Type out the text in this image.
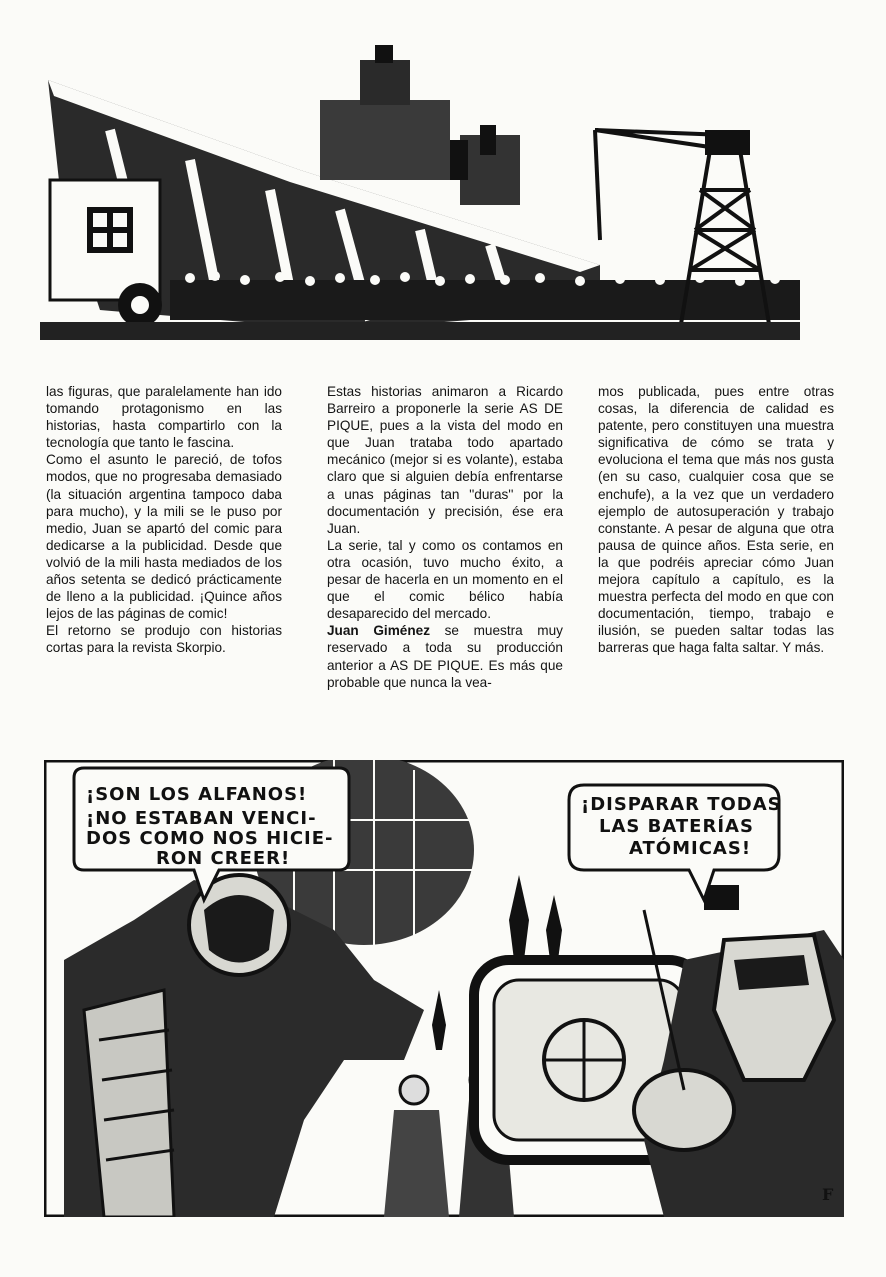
las figuras, que paralelamente han ido tomando protagonismo en las historias, hasta compartirlo con la tecnología que tanto le fascina.

Como el asunto le pareció, de tofos modos, que no progresaba demasiado (la situación argentina tampoco daba para mucho), y la mili se le puso por medio, Juan se apartó del comic para dedicarse a la publicidad. Desde que volvió de la mili hasta mediados de los años setenta se dedicó prácticamente de lleno a la publicidad. ¡Quince años lejos de las páginas de comic!

El retorno se produjo con historias cortas para la revista Skorpio.

Estas historias animaron a Ricardo Barreiro a proponerle la serie AS DE PIQUE, pues a la vista del modo en que Juan trataba todo apartado mecánico (mejor si es volante), estaba claro que si alguien debía enfrentarse a unas páginas tan ''duras'' por la documentación y precisión, ése era Juan.

La serie, tal y como os contamos en otra ocasión, tuvo mucho éxito, a pesar de hacerla en un momento en el que el comic bélico había desaparecido del mercado.

Juan Giménez se muestra muy reservado a toda su producción anterior a AS DE PIQUE. Es más que probable que nunca la vea-

mos publicada, pues entre otras cosas, la diferencia de calidad es patente, pero constituyen una muestra significativa de cómo se trata y evoluciona el tema que más nos gusta (en su caso, cualquier cosa que se enchufe), a la vez que un verdadero ejemplo de autosuperación y trabajo constante. A pesar de alguna que otra pausa de quince años. Esta serie, en la que podréis apreciar cómo Juan mejora capítulo a capítulo, es la muestra perfecta del modo en que con documentación, tiempo, trabajo e ilusión, se pueden saltar todas las barreras que haga falta saltar. Y más.

¡SON LOS ALFANOS!
¡NO ESTABAN VENCI-
DOS COMO NOS HICIE-
RON CREER!
¡DISPARAR TODAS
LAS BATERÍAS
ATÓMICAS!
F
